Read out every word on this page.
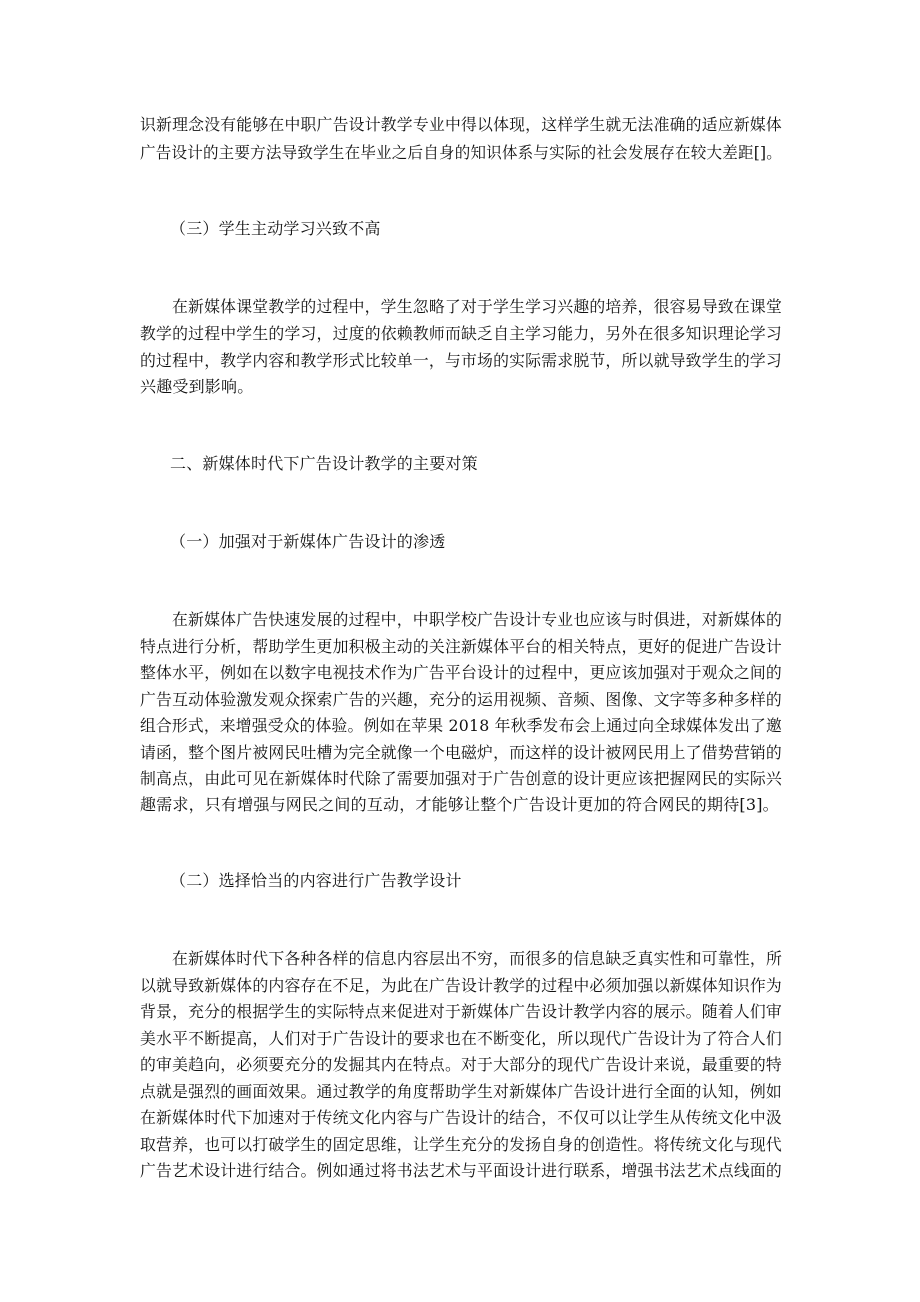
识新理念没有能够在中职广告设计教学专业中得以体现，这样学生就无法准确的适应新媒体
广告设计的主要方法导致学生在毕业之后自身的知识体系与实际的社会发展存在较大差距[]。
（三）学生主动学习兴致不高
在新媒体课堂教学的过程中，学生忽略了对于学生学习兴趣的培养，很容易导致在课堂
教学的过程中学生的学习，过度的依赖教师而缺乏自主学习能力，另外在很多知识理论学习
的过程中，教学内容和教学形式比较单一，与市场的实际需求脱节，所以就导致学生的学习
兴趣受到影响。
二、新媒体时代下广告设计教学的主要对策
（一）加强对于新媒体广告设计的渗透
在新媒体广告快速发展的过程中，中职学校广告设计专业也应该与时俱进，对新媒体的
特点进行分析，帮助学生更加积极主动的关注新媒体平台的相关特点，更好的促进广告设计
整体水平，例如在以数字电视技术作为广告平台设计的过程中，更应该加强对于观众之间的
广告互动体验激发观众探索广告的兴趣，充分的运用视频、音频、图像、文字等多种多样的
组合形式，来增强受众的体验。例如在苹果 2018 年秋季发布会上通过向全球媒体发出了邀
请函，整个图片被网民吐槽为完全就像一个电磁炉，而这样的设计被网民用上了借势营销的
制高点，由此可见在新媒体时代除了需要加强对于广告创意的设计更应该把握网民的实际兴
趣需求，只有增强与网民之间的互动，才能够让整个广告设计更加的符合网民的期待[3]。
（二）选择恰当的内容进行广告教学设计
在新媒体时代下各种各样的信息内容层出不穷，而很多的信息缺乏真实性和可靠性，所
以就导致新媒体的内容存在不足，为此在广告设计教学的过程中必须加强以新媒体知识作为
背景，充分的根据学生的实际特点来促进对于新媒体广告设计教学内容的展示。随着人们审
美水平不断提高，人们对于广告设计的要求也在不断变化，所以现代广告设计为了符合人们
的审美趋向，必须要充分的发掘其内在特点。对于大部分的现代广告设计来说，最重要的特
点就是强烈的画面效果。通过教学的角度帮助学生对新媒体广告设计进行全面的认知，例如
在新媒体时代下加速对于传统文化内容与广告设计的结合，不仅可以让学生从传统文化中汲
取营养，也可以打破学生的固定思维，让学生充分的发扬自身的创造性。将传统文化与现代
广告艺术设计进行结合。例如通过将书法艺术与平面设计进行联系，增强书法艺术点线面的
